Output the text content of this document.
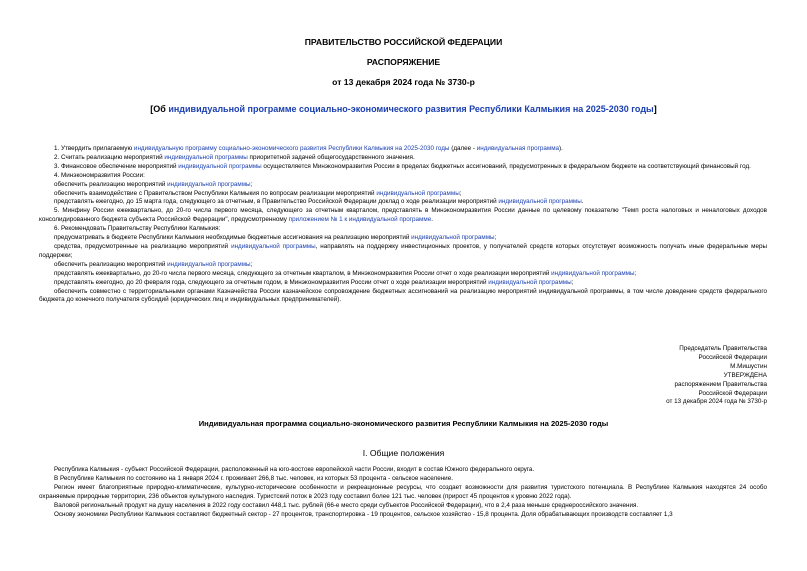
ПРАВИТЕЛЬСТВО РОССИЙСКОЙ ФЕДЕРАЦИИ
РАСПОРЯЖЕНИЕ
от 13 декабря 2024 года № 3730-р
[Об индивидуальной программе социально-экономического развития Республики Калмыкия на 2025-2030 годы]

1. Утвердить прилагаемую индивидуальную программу социально-экономического развития Республики Калмыкия на 2025-2030 годы (далее - индивидуальная программа).

2. Считать реализацию мероприятий индивидуальной программы приоритетной задачей общегосударственного значения.

3. Финансовое обеспечение мероприятий индивидуальной программы осуществляется Минэкономразвития России в пределах бюджетных ассигнований, предусмотренных в федеральном бюджете на соответствующий финансовый год.

4. Минэкономразвития России:

обеспечить реализацию мероприятий индивидуальной программы;

обеспечить взаимодействие с Правительством Республики Калмыкия по вопросам реализации мероприятий индивидуальной программы;

представлять ежегодно, до 15 марта года, следующего за отчетным, в Правительство Российской Федерации доклад о ходе реализации мероприятий индивидуальной программы.

5. Минфину России ежеквартально, до 20-го числа первого месяца, следующего за отчетным кварталом, представлять в Минэкономразвития России данные по целевому показателю "Темп роста налоговых и неналоговых доходов консолидированного бюджета субъекта Российской Федерации", предусмотренному приложением № 1 к индивидуальной программе.

6. Рекомендовать Правительству Республики Калмыкия:

предусматривать в бюджете Республики Калмыкия необходимые бюджетные ассигнования на реализацию мероприятий индивидуальной программы;

средства, предусмотренные на реализацию мероприятий индивидуальной программы, направлять на поддержку инвестиционных проектов, у получателей средств которых отсутствует возможность получать иные федеральные меры поддержки;

обеспечить реализацию мероприятий индивидуальной программы;

представлять ежеквартально, до 20-го числа первого месяца, следующего за отчетным кварталом, в Минэкономразвития России отчет о ходе реализации мероприятий индивидуальной программы;

представлять ежегодно, до 20 февраля года, следующего за отчетным годом, в Минэкономразвития России отчет о ходе реализации мероприятий индивидуальной программы;

обеспечить совместно с территориальными органами Казначейства России казначейское сопровождение бюджетных ассигнований на реализацию мероприятий индивидуальной программы, в том числе доведение средств федерального бюджета до конечного получателя субсидий (юридических лиц и индивидуальных предпринимателей).

Председатель Правительства
Российской Федерации
М.Мишустин
УТВЕРЖДЕНА
распоряжением Правительства
Российской Федерации
от 13 декабря 2024 года № 3730-р
Индивидуальная программа социально-экономического развития Республики Калмыкия на 2025-2030 годы
I. Общие положения

Республика Калмыкия - субъект Российской Федерации, расположенный на юго-востоке европейской части России, входит в состав Южного федерального округа.

В Республике Калмыкия по состоянию на 1 января 2024 г. проживает 266,8 тыс. человек, из которых 53 процента - сельское население.

Регион имеет благоприятные природно-климатические, культурно-исторические особенности и рекреационные ресурсы, что создает возможности для развития туристского потенциала. В Республике Калмыкия находятся 24 особо охраняемые природные территории, 236 объектов культурного наследия. Туристский поток в 2023 году составил более 121 тыс. человек (прирост 45 процентов к уровню 2022 года).

Валовой региональный продукт на душу населения в 2022 году составил 448,1 тыс. рублей (66-е место среди субъектов Российской Федерации), что в 2,4 раза меньше среднероссийского значения.

Основу экономики Республики Калмыкия составляют бюджетный сектор - 27 процентов, транспортировка - 19 процентов, сельское хозяйство - 15,8 процента. Доля обрабатывающих производств составляет 1,3
